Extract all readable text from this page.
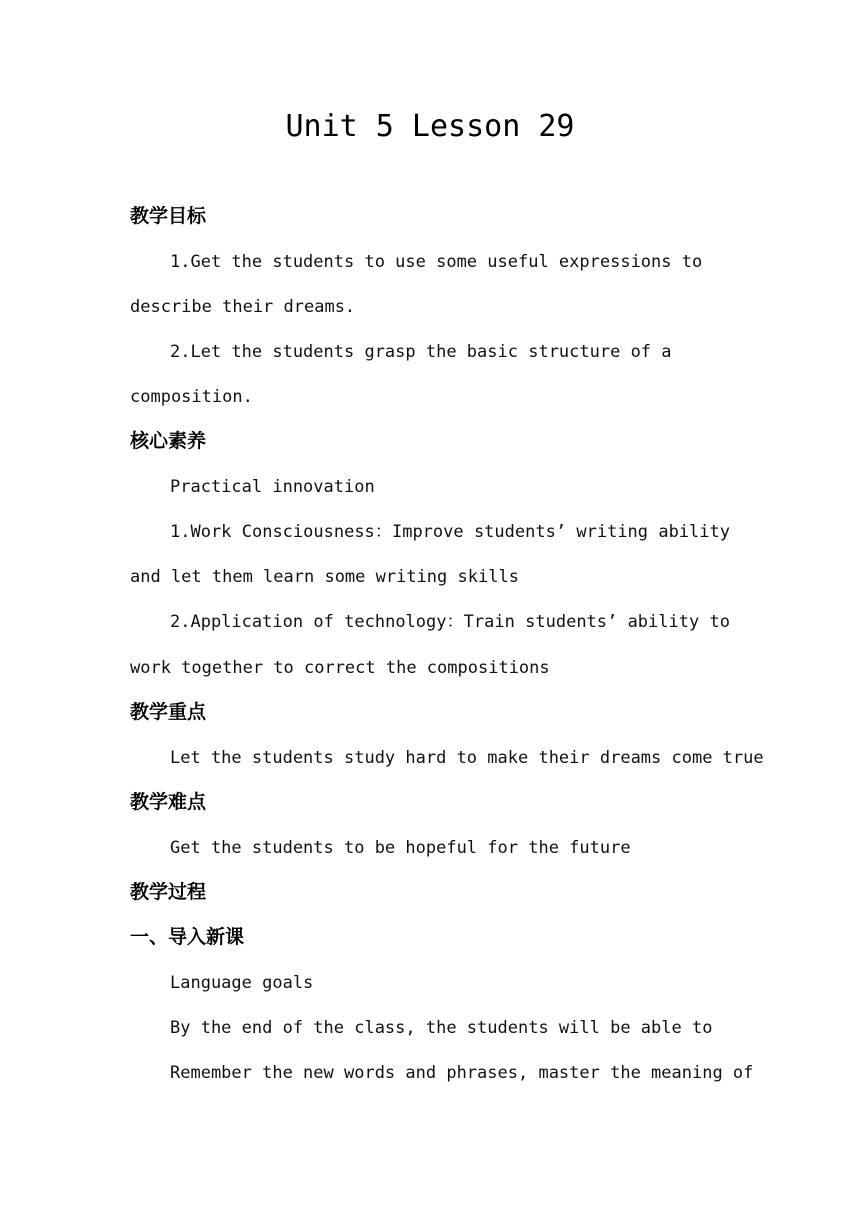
Unit 5 Lesson 29
教学目标
1.Get the students to use some useful expressions to
describe their dreams.
2.Let the students grasp the basic structure of a
composition.
核心素养
Practical innovation
1.Work Consciousness：Improve students’ writing ability
and let them learn some writing skills
2.Application of technology：Train students’ ability to
work together to correct the compositions
教学重点
Let the students study hard to make their dreams come true
教学难点
Get the students to be hopeful for the future
教学过程
一、导入新课
Language goals
By the end of the class, the students will be able to
Remember the new words and phrases, master the meaning of
